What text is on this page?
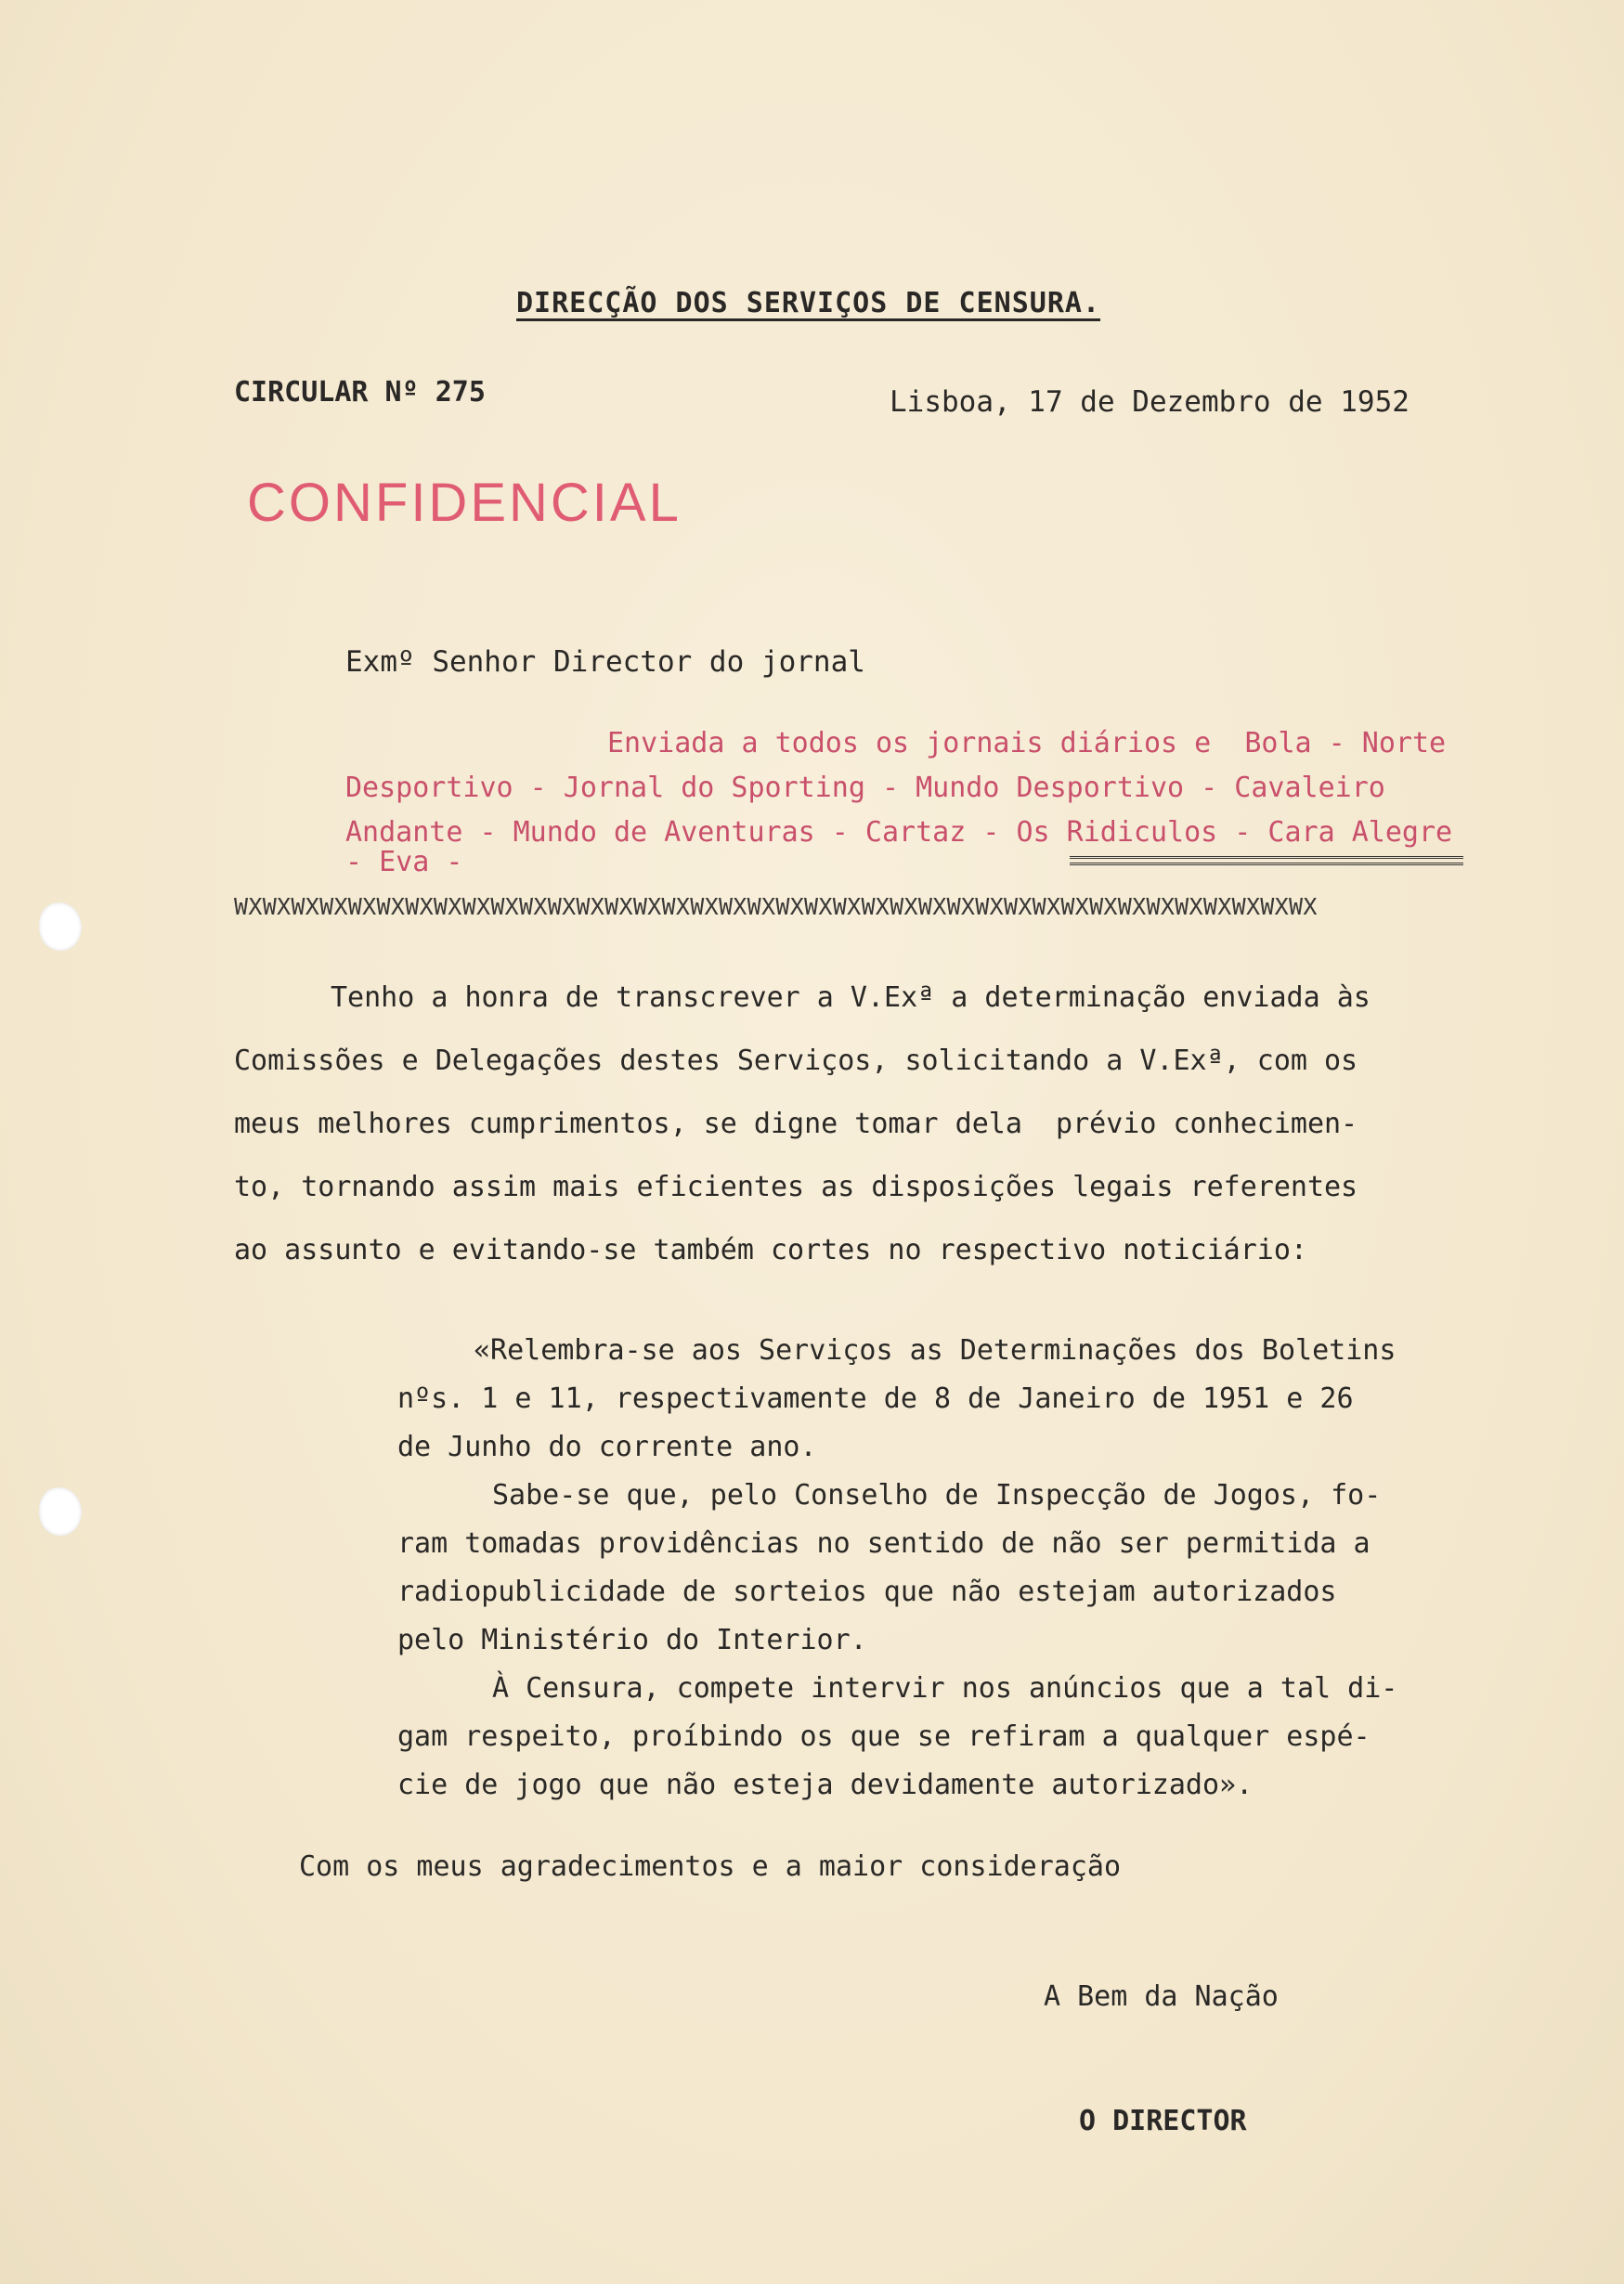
DIRECÇÃO DOS SERVIÇOS DE CENSURA.
CIRCULAR Nº 275	Lisboa, 17 de Dezembro de 1952
CONFIDENCIAL
Exmº Senhor Director do jornal
Enviada a todos os jornais diários e  Bola - Norte
Desportivo - Jornal do Sporting - Mundo Desportivo - Cavaleiro
Andante - Mundo de Aventuras - Cartaz - Os Ridiculos - Cara Alegre
- Eva -
WXWXWXWXWXWXWXWXWXWXWXWXWXWXWXWXWXWXWXWXWXWXWXWXWXWXWXWXWXWXWXWXWXWXWXWXWXWX
Tenho a honra de transcrever a V.Exª a determinação enviada às
Comissões e Delegações destes Serviços, solicitando a V.Exª, com os
meus melhores cumprimentos, se digne tomar dela  prévio conhecimen-
to, tornando assim mais eficientes as disposições legais referentes
ao assunto e evitando-se também cortes no respectivo noticiário:
«Relembra-se aos Serviços as Determinações dos Boletins
nºs. 1 e 11, respectivamente de 8 de Janeiro de 1951 e 26
de Junho do corrente ano.
Sabe-se que, pelo Conselho de Inspecção de Jogos, fo-
ram tomadas providências no sentido de não ser permitida a
radiopublicidade de sorteios que não estejam autorizados
pelo Ministério do Interior.
À Censura, compete intervir nos anúncios que a tal di-
gam respeito, proíbindo os que se refiram a qualquer espé-
cie de jogo que não esteja devidamente autorizado».
Com os meus agradecimentos e a maior consideração
A Bem da Nação
O DIRECTOR
